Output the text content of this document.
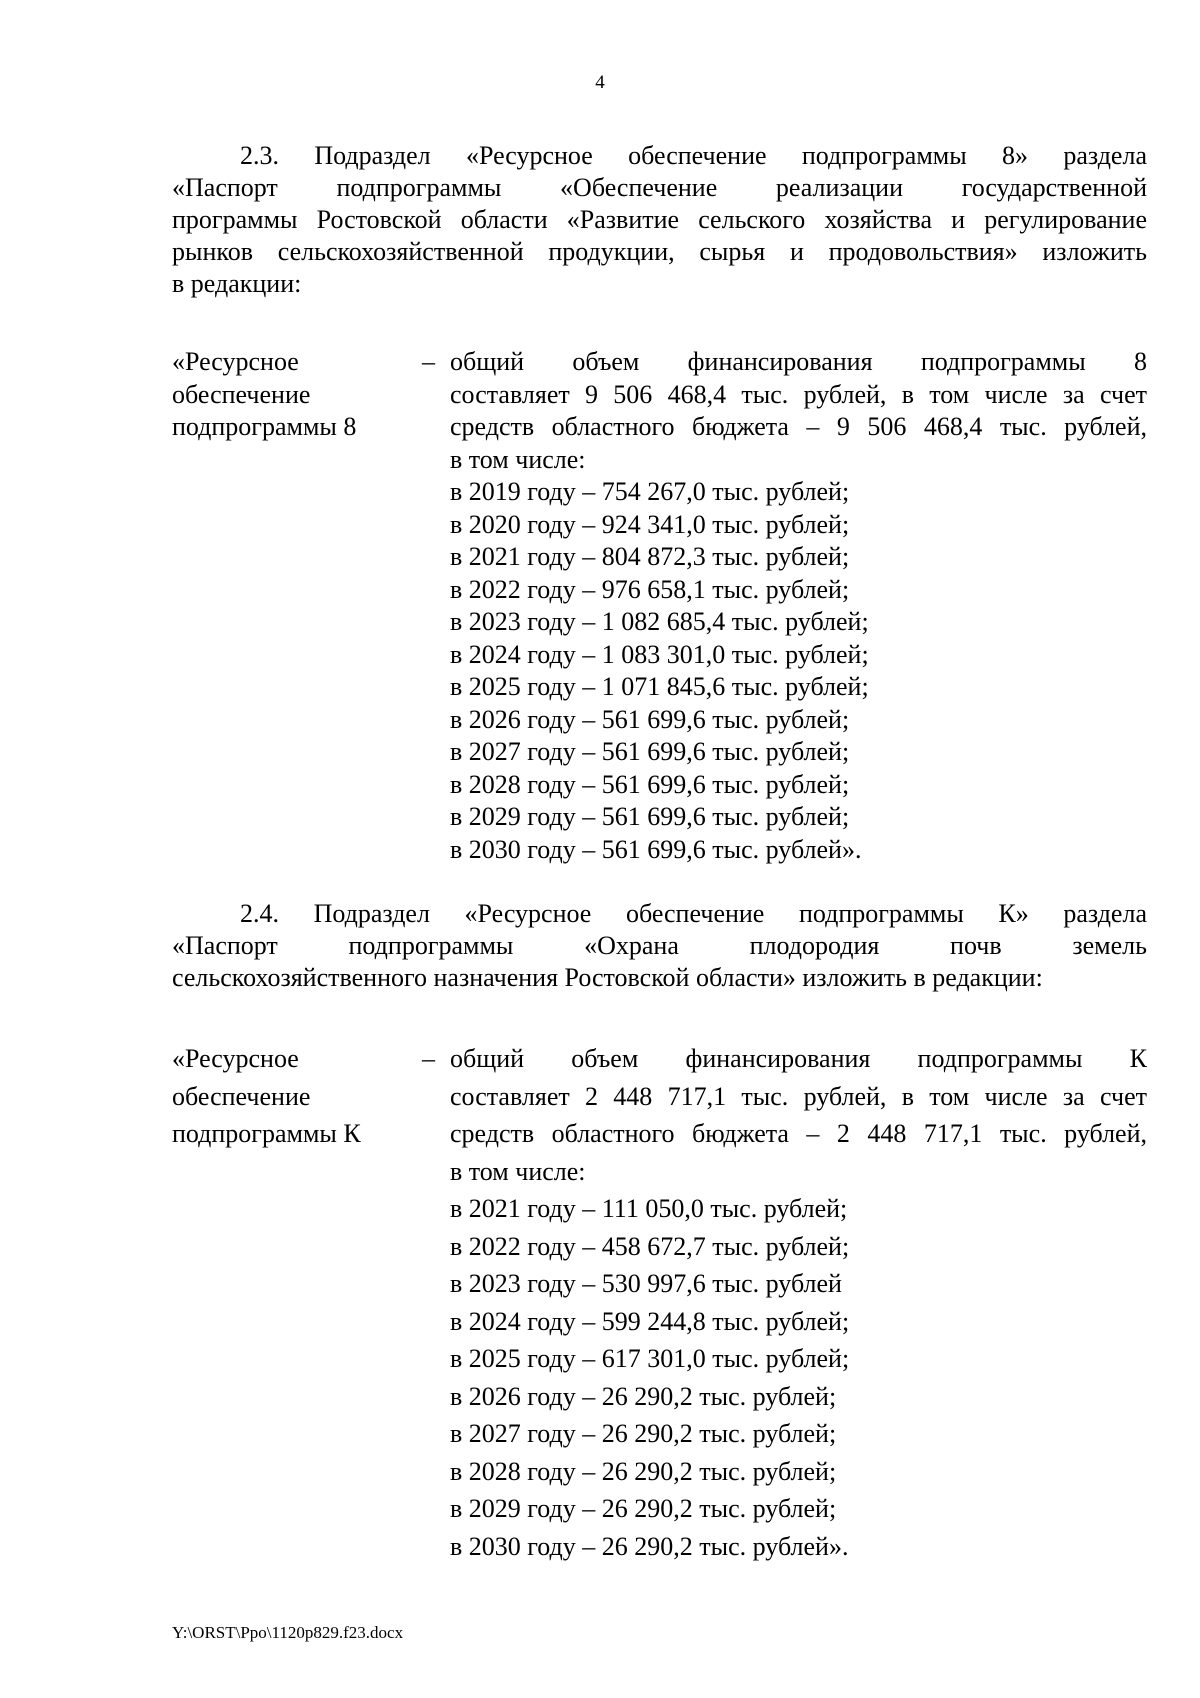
4
2.3. Подраздел «Ресурсное обеспечение подпрограммы 8» раздела
«Паспорт подпрограммы «Обеспечение реализации государственной
программы Ростовской области «Развитие сельского хозяйства и регулирование
рынков сельскохозяйственной продукции, сырья и продовольствия» изложить
в редакции:
«Ресурсное
обеспечение
подпрограммы 8
– общий объем финансирования подпрограммы 8
составляет 9 506 468,4 тыс. рублей, в том числе за счет
средств областного бюджета – 9 506 468,4 тыс. рублей,
в том числе:
в 2019 году – 754 267,0 тыс. рублей;
в 2020 году – 924 341,0 тыс. рублей;
в 2021 году – 804 872,3 тыс. рублей;
в 2022 году – 976 658,1 тыс. рублей;
в 2023 году – 1 082 685,4 тыс. рублей;
в 2024 году – 1 083 301,0 тыс. рублей;
в 2025 году – 1 071 845,6 тыс. рублей;
в 2026 году – 561 699,6 тыс. рублей;
в 2027 году – 561 699,6 тыс. рублей;
в 2028 году – 561 699,6 тыс. рублей;
в 2029 году – 561 699,6 тыс. рублей;
в 2030 году – 561 699,6 тыс. рублей».
2.4. Подраздел «Ресурсное обеспечение подпрограммы К» раздела
«Паспорт подпрограммы «Охрана плодородия почв земель
сельскохозяйственного назначения Ростовской области» изложить в редакции:
«Ресурсное
обеспечение
подпрограммы К
– общий объем финансирования подпрограммы К
составляет 2 448 717,1 тыс. рублей, в том числе за счет
средств областного бюджета – 2 448 717,1 тыс. рублей,
в том числе:
в 2021 году – 111 050,0 тыс. рублей;
в 2022 году – 458 672,7 тыс. рублей;
в 2023 году – 530 997,6 тыс. рублей
в 2024 году – 599 244,8 тыс. рублей;
в 2025 году – 617 301,0 тыс. рублей;
в 2026 году – 26 290,2 тыс. рублей;
в 2027 году – 26 290,2 тыс. рублей;
в 2028 году – 26 290,2 тыс. рублей;
в 2029 году – 26 290,2 тыс. рублей;
в 2030 году – 26 290,2 тыс. рублей».
Y:\ORST\Ppo\1120p829.f23.docx
